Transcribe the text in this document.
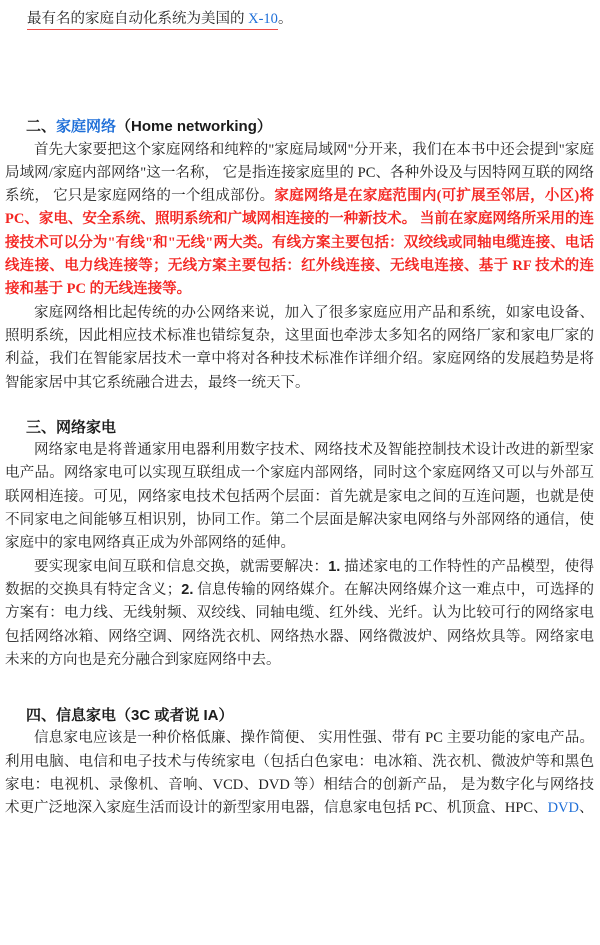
最有名的家庭自动化系统为美国的 X-10。

二、家庭网络（Home networking）

首先大家要把这个家庭网络和纯粹的"家庭局域网"分开来，我们在本书中还会提到"家庭局域网/家庭内部网络"这一名称， 它是指连接家庭里的 PC、各种外设及与因特网互联的网络系统， 它只是家庭网络的一个组成部份。家庭网络是在家庭范围内(可扩展至邻居，小区)将 PC、家电、安全系统、照明系统和广域网相连接的一种新技术。 当前在家庭网络所采用的连接技术可以分为"有线"和"无线"两大类。有线方案主要包括：双绞线或同轴电缆连接、电话线连接、电力线连接等；无线方案主要包括：红外线连接、无线电连接、基于 RF 技术的连接和基于 PC 的无线连接等。

家庭网络相比起传统的办公网络来说，加入了很多家庭应用产品和系统，如家电设备、照明系统，因此相应技术标准也错综复杂，这里面也牵涉太多知名的网络厂家和家电厂家的利益，我们在智能家居技术一章中将对各种技术标准作详细介绍。家庭网络的发展趋势是将智能家居中其它系统融合进去，最终一统天下。

三、网络家电

网络家电是将普通家用电器利用数字技术、网络技术及智能控制技术设计改进的新型家电产品。网络家电可以实现互联组成一个家庭内部网络，同时这个家庭网络又可以与外部互联网相连接。可见，网络家电技术包括两个层面：首先就是家电之间的互连问题，也就是使不同家电之间能够互相识别，协同工作。第二个层面是解决家电网络与外部网络的通信，使家庭中的家电网络真正成为外部网络的延伸。

要实现家电间互联和信息交换，就需要解决：1. 描述家电的工作特性的产品模型，使得数据的交换具有特定含义；2. 信息传输的网络媒介。在解决网络媒介这一难点中，可选择的方案有：电力线、无线射频、双绞线、同轴电缆、红外线、光纤。认为比较可行的网络家电包括网络冰箱、网络空调、网络洗衣机、网络热水器、网络微波炉、网络炊具等。网络家电未来的方向也是充分融合到家庭网络中去。

四、信息家电（3C 或者说 IA）

信息家电应该是一种价格低廉、操作简便、 实用性强、带有 PC 主要功能的家电产品。利用电脑、电信和电子技术与传统家电（包括白色家电：电冰箱、洗衣机、微波炉等和黑色家电：电视机、录像机、音响、VCD、DVD 等）相结合的创新产品， 是为数字化与网络技术更广泛地深入家庭生活而设计的新型家用电器，信息家电包括 PC、机顶盒、HPC、DVD、
